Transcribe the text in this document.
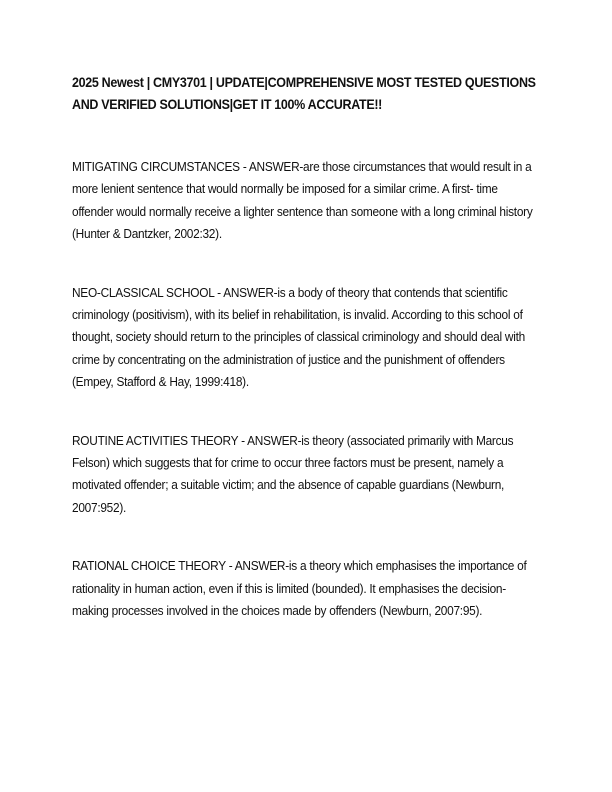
2025 Newest | CMY3701 | UPDATE|COMPREHENSIVE MOST TESTED QUESTIONS AND VERIFIED SOLUTIONS|GET IT 100% ACCURATE!!
MITIGATING CIRCUMSTANCES - ANSWER-are those circumstances that would result in a more lenient sentence that would normally be imposed for a similar crime. A first- time offender would normally receive a lighter sentence than someone with a long criminal history (Hunter & Dantzker, 2002:32).
NEO-CLASSICAL SCHOOL - ANSWER-is a body of theory that contends that scientific criminology (positivism), with its belief in rehabilitation, is invalid. According to this school of thought, society should return to the principles of classical criminology and should deal with crime by concentrating on the administration of justice and the punishment of offenders (Empey, Stafford & Hay, 1999:418).
ROUTINE ACTIVITIES THEORY - ANSWER-is theory (associated primarily with Marcus Felson) which suggests that for crime to occur three factors must be present, namely a motivated offender; a suitable victim; and the absence of capable guardians (Newburn, 2007:952).
RATIONAL CHOICE THEORY - ANSWER-is a theory which emphasises the importance of rationality in human action, even if this is limited (bounded). It emphasises the decision-making processes involved in the choices made by offenders (Newburn, 2007:95).
